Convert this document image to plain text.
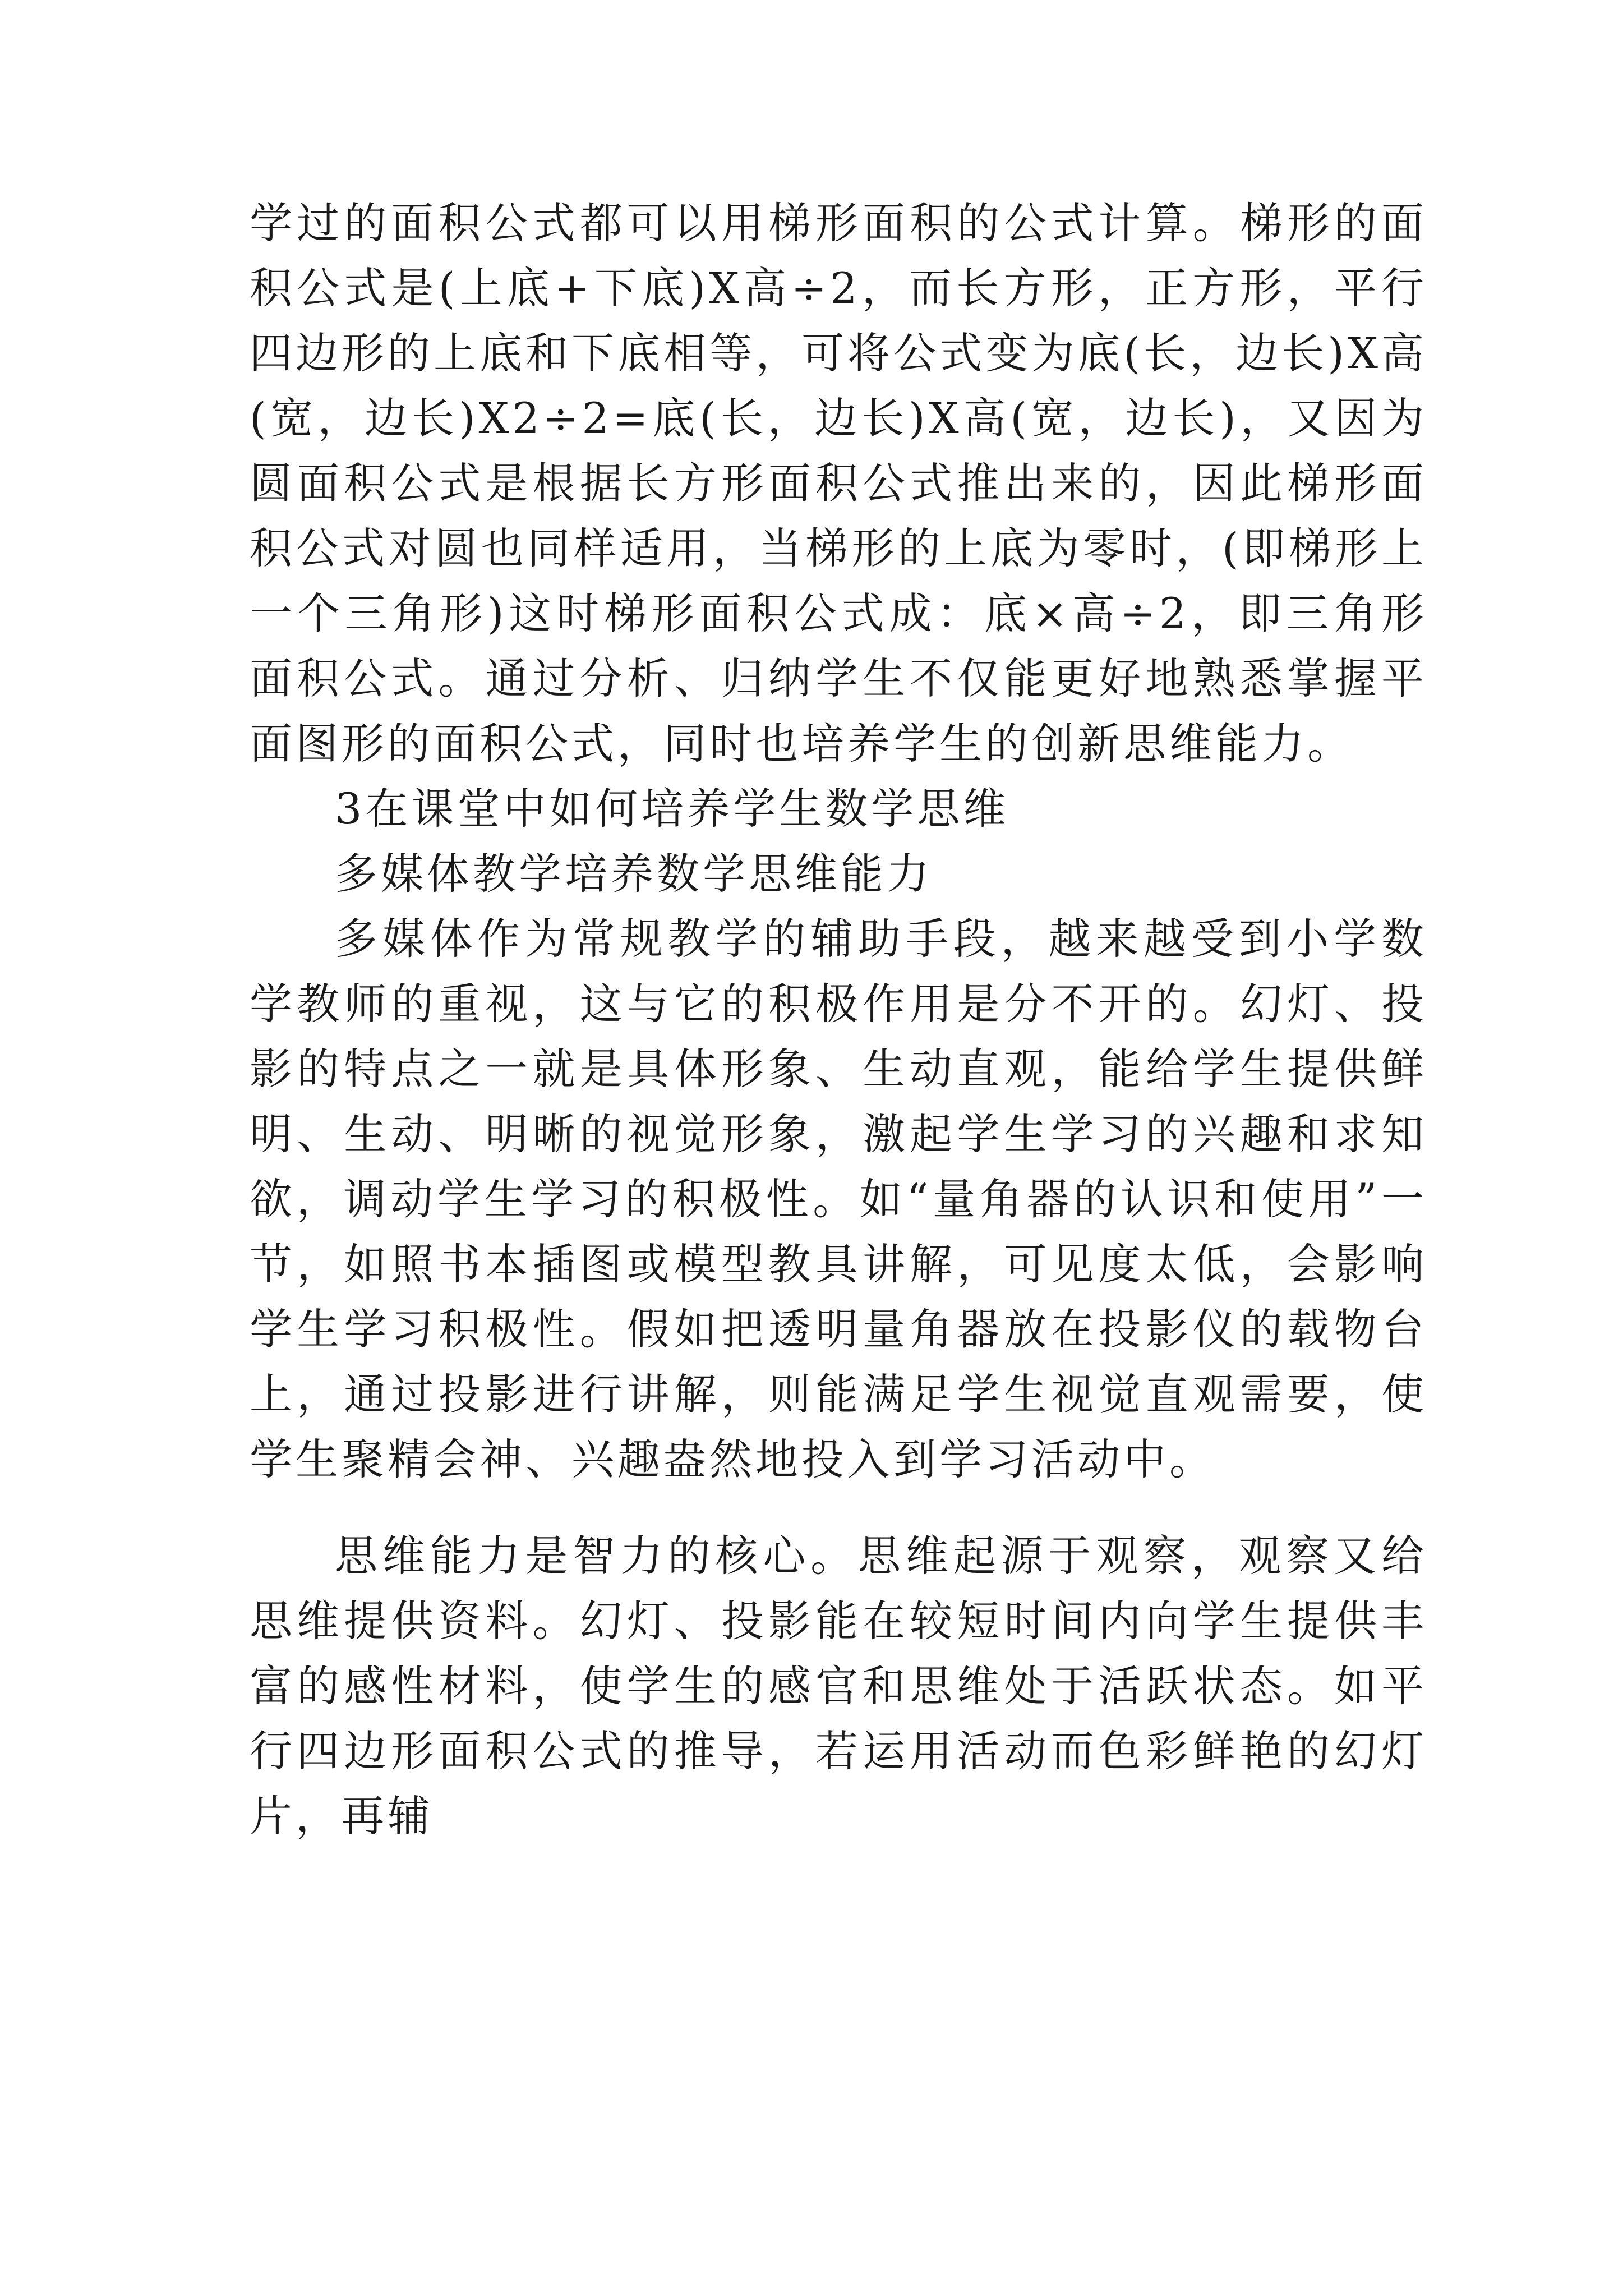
学过的面积公式都可以用梯形面积的公式计算。梯形的面积公式是(上底+下底)X高÷2，而长方形，正方形，平行四边形的上底和下底相等，可将公式变为底(长，边长)X高(宽，边长)X2÷2=底(长，边长)X高(宽，边长)，又因为圆面积公式是根据长方形面积公式推出来的，因此梯形面积公式对圆也同样适用，当梯形的上底为零时，(即梯形上一个三角形)这时梯形面积公式成：底×高÷2，即三角形面积公式。通过分析、归纳学生不仅能更好地熟悉掌握平面图形的面积公式，同时也培养学生的创新思维能力。

3在课堂中如何培养学生数学思维

多媒体教学培养数学思维能力

多媒体作为常规教学的辅助手段，越来越受到小学数学教师的重视，这与它的积极作用是分不开的。幻灯、投影的特点之一就是具体形象、生动直观，能给学生提供鲜明、生动、明晰的视觉形象，激起学生学习的兴趣和求知欲，调动学生学习的积极性。如“量角器的认识和使用”一节，如照书本插图或模型教具讲解，可见度太低，会影响学生学习积极性。假如把透明量角器放在投影仪的载物台上，通过投影进行讲解，则能满足学生视觉直观需要，使学生聚精会神、兴趣盎然地投入到学习活动中。

思维能力是智力的核心。思维起源于观察，观察又给思维提供资料。幻灯、投影能在较短时间内向学生提供丰富的感性材料，使学生的感官和思维处于活跃状态。如平行四边形面积公式的推导，若运用活动而色彩鲜艳的幻灯片，再辅
